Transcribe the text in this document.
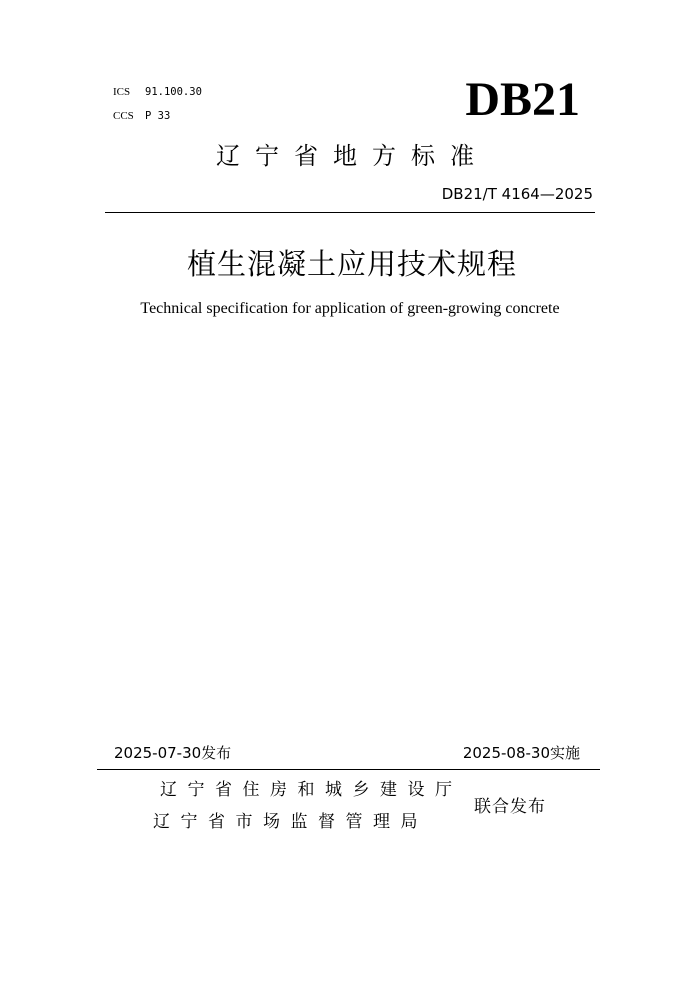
ICS 91.100.30
CCS P 33	DB21
辽宁省地方标准
DB21/T 4164—2025
植生混凝土应用技术规程
Technical specification for application of green-growing concrete
2025-07-30发布	2025-08-30实施
辽宁省住房和城乡建设厅
辽宁省市场监督管理局
联合发布
